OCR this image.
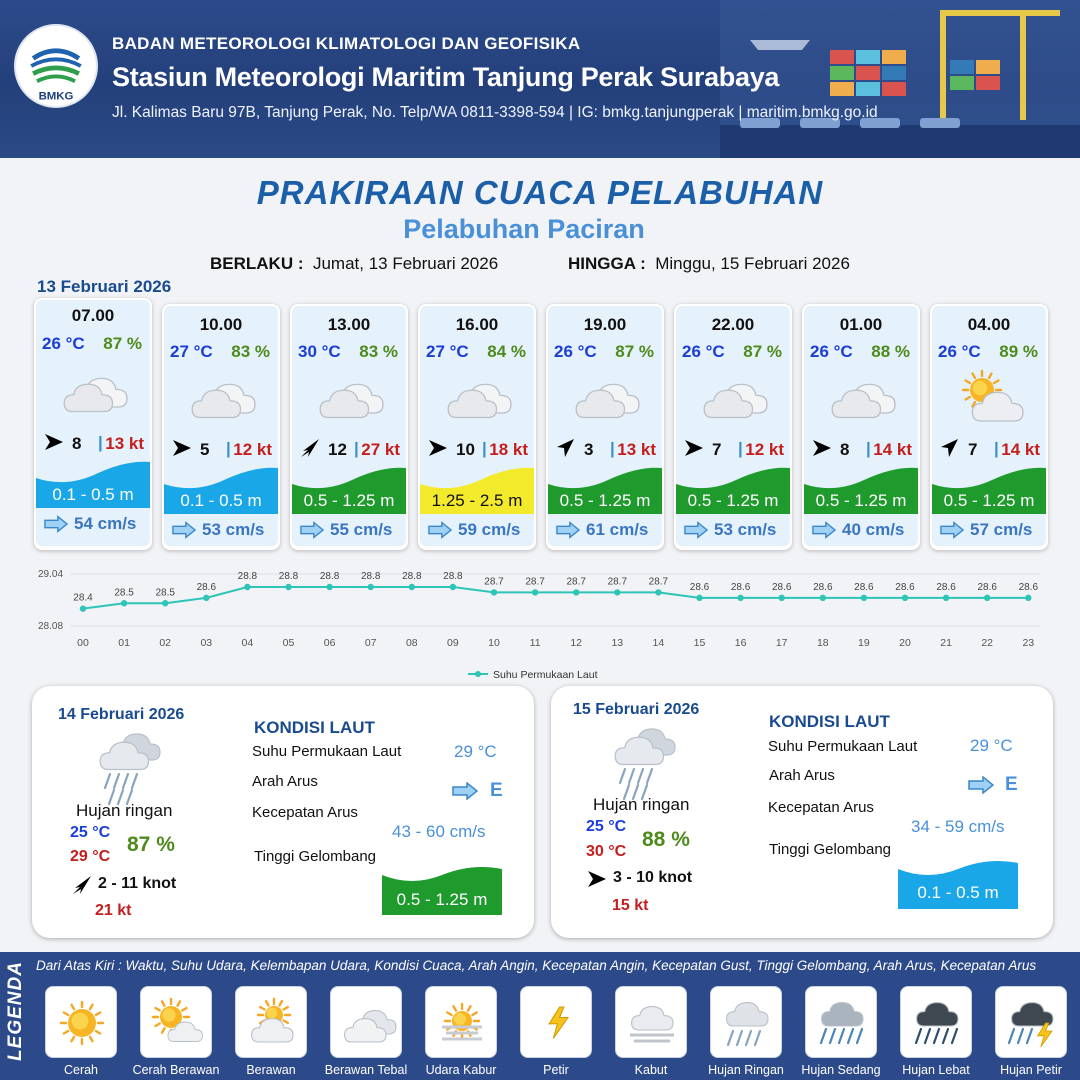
BMKG
BADAN METEOROLOGI KLIMATOLOGI DAN GEOFISIKA
Stasiun Meteorologi Maritim Tanjung Perak Surabaya
Jl. Kalimas Baru 97B, Tanjung Perak, No. Telp/WA 0811-3398-594 | IG: bmkg.tanjungperak | maritim.bmkg.go.id
PRAKIRAAN CUACA PELABUHAN
Pelabuhan Paciran
BERLAKU : Jumat, 13 Februari 2026	HINGGA : Minggu, 15 Februari 2026
13 Februari 2026
07.00
26 °C 87 %
8 | 13 kt
0.1 - 0.5 m
54 cm/s
10.00
27 °C 83 %
5 | 12 kt
0.1 - 0.5 m
53 cm/s
13.00
30 °C 83 %
12 | 27 kt
0.5 - 1.25 m
55 cm/s
16.00
27 °C 84 %
10 | 18 kt
1.25 - 2.5 m
59 cm/s
19.00
26 °C 87 %
3 | 13 kt
0.5 - 1.25 m
61 cm/s
22.00
26 °C 87 %
7 | 12 kt
0.5 - 1.25 m
53 cm/s
01.00
26 °C 88 %
8 | 14 kt
0.5 - 1.25 m
40 cm/s
04.00
26 °C 89 %
7 | 14 kt
0.5 - 1.25 m
57 cm/s
29.04
28.08
28.4
00
28.5
01
28.5
02
28.6
03
28.8
04
28.8
05
28.8
06
28.8
07
28.8
08
28.8
09
28.7
10
28.7
11
28.7
12
28.7
13
28.7
14
28.6
15
28.6
16
28.6
17
28.6
18
28.6
19
28.6
20
28.6
21
28.6
22
28.6
23
Suhu Permukaan Laut
14 Februari 2026
Hujan ringan
25 °C
29 °C
87 %
2 - 11 knot
21 kt
KONDISI LAUT
Suhu Permukaan Laut	29 °C
Arah Arus	E
Kecepatan Arus
43 - 60 cm/s
Tinggi Gelombang
0.5 - 1.25 m
15 Februari 2026
Hujan ringan
25 °C
30 °C
88 %
3 - 10 knot
15 kt
KONDISI LAUT
Suhu Permukaan Laut	29 °C
Arah Arus	E
Kecepatan Arus
34 - 59 cm/s
Tinggi Gelombang
0.1 - 0.5 m
LEGENDA Dari Atas Kiri : Waktu, Suhu Udara, Kelembapan Udara, Kondisi Cuaca, Arah Angin, Kecepatan Angin, Kecepatan Gust, Tinggi Gelombang, Arah Arus, Kecepatan Arus
Cerah	Cerah Berawan	Berawan	Berawan Tebal	Udara Kabur	Petir	Kabut	Hujan Ringan	Hujan Sedang	Hujan Lebat	Hujan Petir
